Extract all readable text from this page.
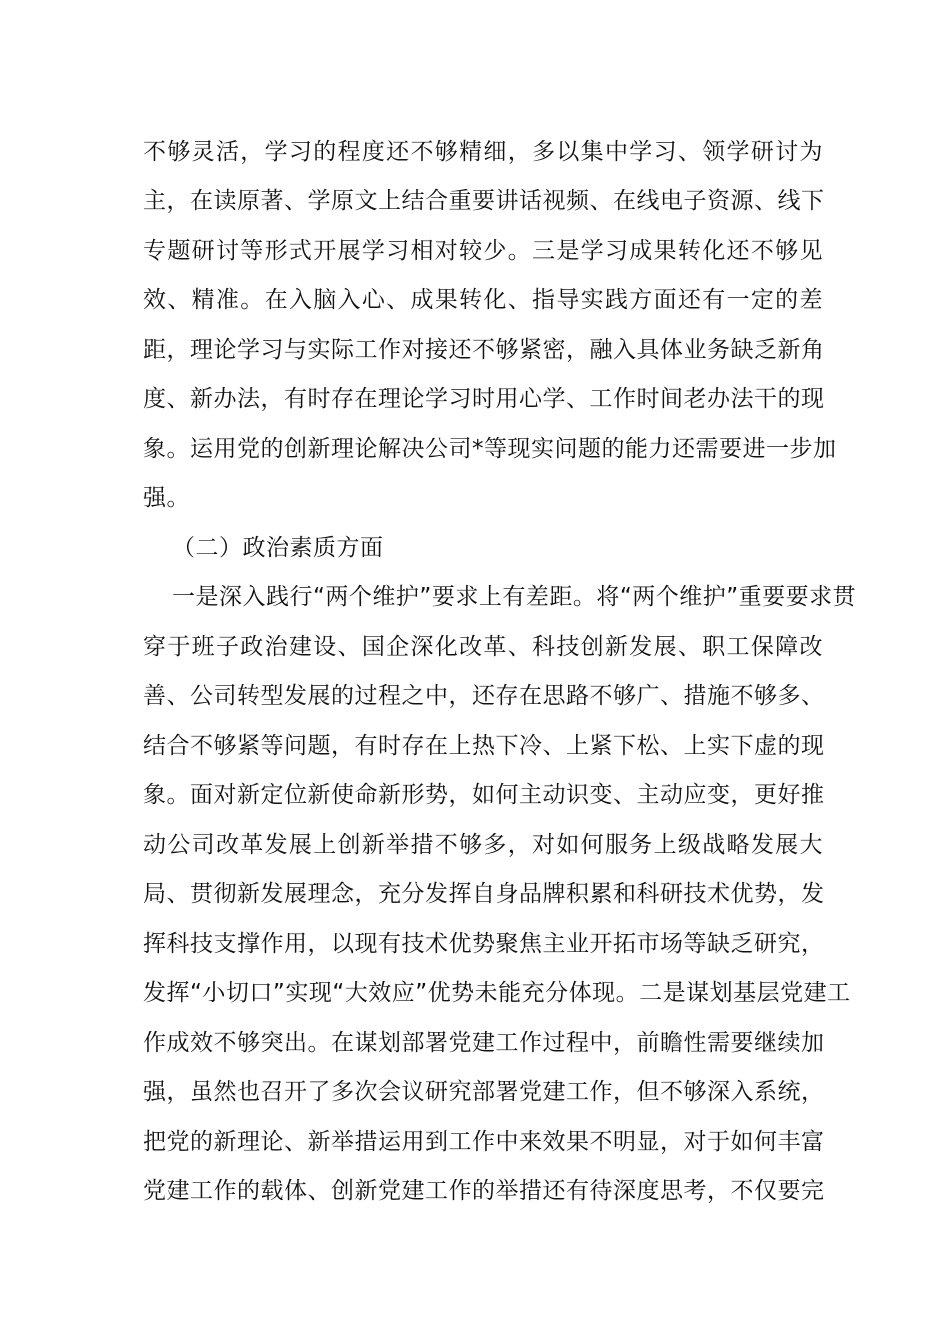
不够灵活，学习的程度还不够精细，多以集中学习、领学研讨为
主，在读原著、学原文上结合重要讲话视频、在线电子资源、线下
专题研讨等形式开展学习相对较少。三是学习成果转化还不够见
效、精准。在入脑入心、成果转化、指导实践方面还有一定的差
距，理论学习与实际工作对接还不够紧密，融入具体业务缺乏新角
度、新办法，有时存在理论学习时用心学、工作时间老办法干的现
象。运用党的创新理论解决公司*等现实问题的能力还需要进一步加
强。
（二）政治素质方面
一是深入践行“两个维护”要求上有差距。将“两个维护”重要要求贯
穿于班子政治建设、国企深化改革、科技创新发展、职工保障改
善、公司转型发展的过程之中，还存在思路不够广、措施不够多、
结合不够紧等问题，有时存在上热下冷、上紧下松、上实下虚的现
象。面对新定位新使命新形势，如何主动识变、主动应变，更好推
动公司改革发展上创新举措不够多，对如何服务上级战略发展大
局、贯彻新发展理念，充分发挥自身品牌积累和科研技术优势，发
挥科技支撑作用，以现有技术优势聚焦主业开拓市场等缺乏研究，
发挥“小切口”实现“大效应”优势未能充分体现。二是谋划基层党建工
作成效不够突出。在谋划部署党建工作过程中，前瞻性需要继续加
强，虽然也召开了多次会议研究部署党建工作，但不够深入系统，
把党的新理论、新举措运用到工作中来效果不明显，对于如何丰富
党建工作的载体、创新党建工作的举措还有待深度思考，不仅要完
